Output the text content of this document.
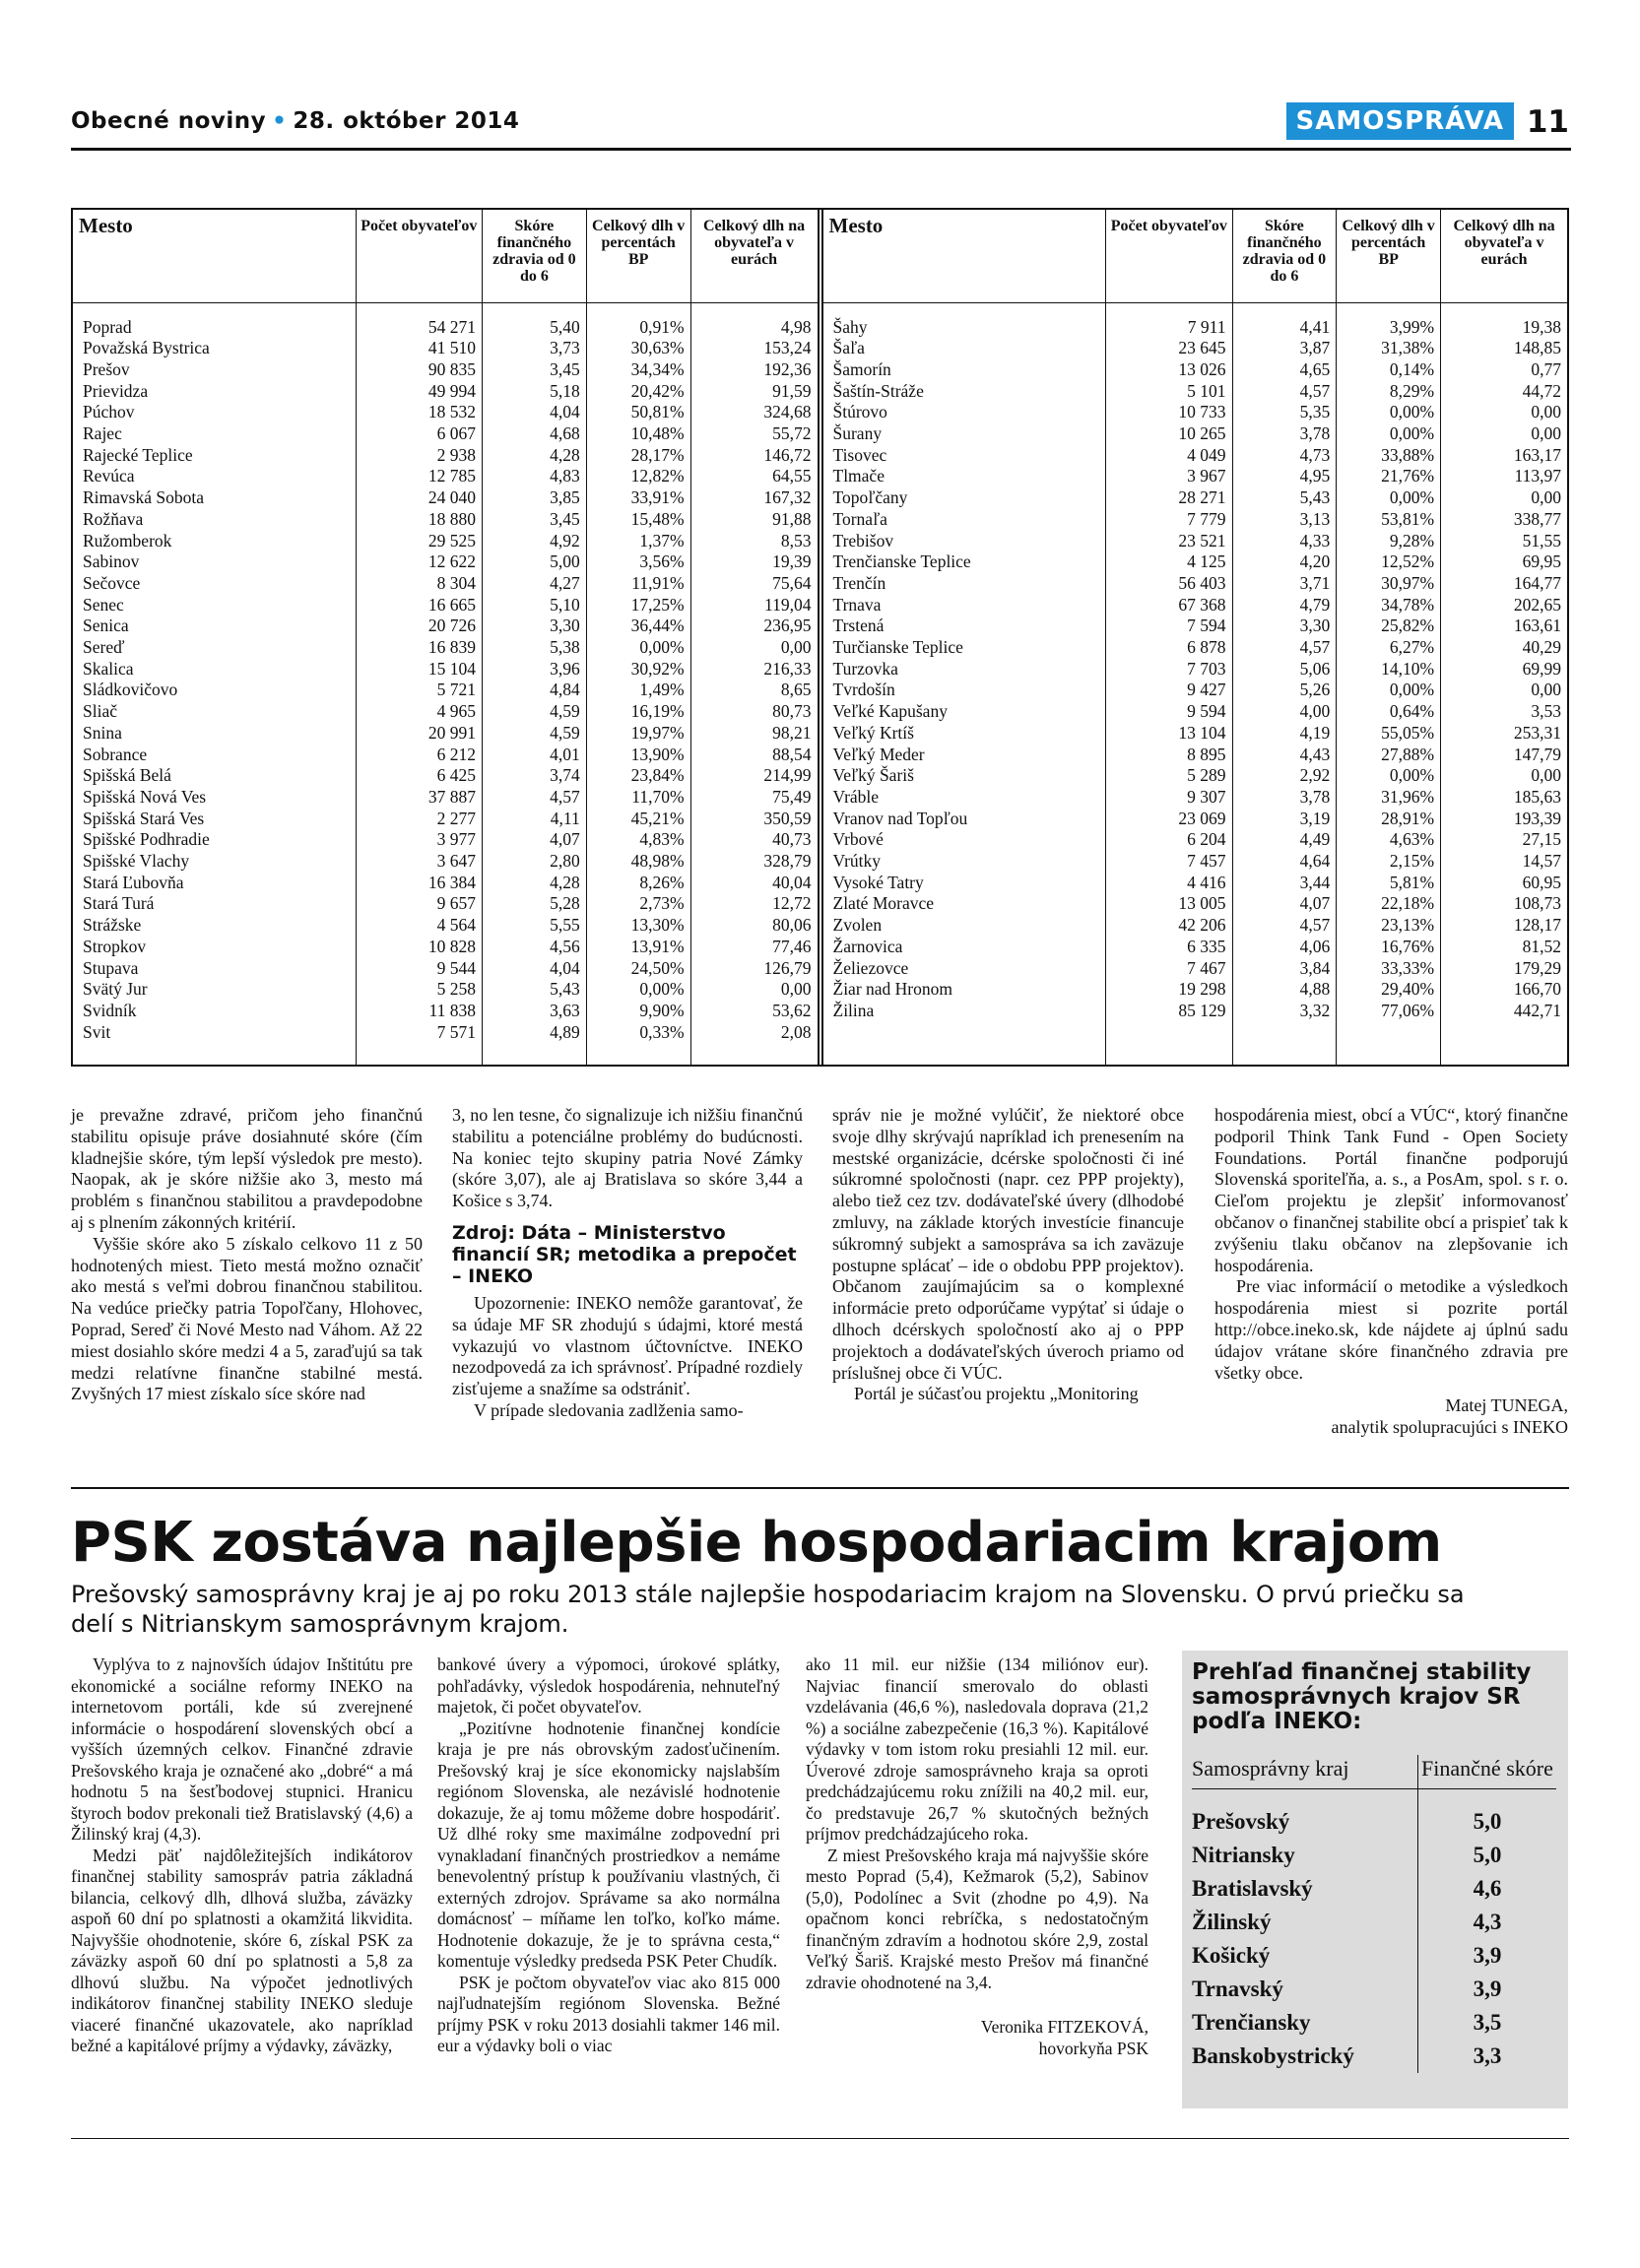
Obecné noviny • 28. október 2014	SAMOSPRÁVA 11
Mesto	Počet obyvateľov	Skóre finančného zdravia od 0 do 6	Celkový dlh v percentách BP	Celkový dlh na obyvateľa v eurách

Poprad	54 271	5,40	0,91%	4,98
Považská Bystrica	41 510	3,73	30,63%	153,24
Prešov	90 835	3,45	34,34%	192,36
Prievidza	49 994	5,18	20,42%	91,59
Púchov	18 532	4,04	50,81%	324,68
Rajec	6 067	4,68	10,48%	55,72
Rajecké Teplice	2 938	4,28	28,17%	146,72
Revúca	12 785	4,83	12,82%	64,55
Rimavská Sobota	24 040	3,85	33,91%	167,32
Rožňava	18 880	3,45	15,48%	91,88
Ružomberok	29 525	4,92	1,37%	8,53
Sabinov	12 622	5,00	3,56%	19,39
Sečovce	8 304	4,27	11,91%	75,64
Senec	16 665	5,10	17,25%	119,04
Senica	20 726	3,30	36,44%	236,95
Sereď	16 839	5,38	0,00%	0,00
Skalica	15 104	3,96	30,92%	216,33
Sládkovičovo	5 721	4,84	1,49%	8,65
Sliač	4 965	4,59	16,19%	80,73
Snina	20 991	4,59	19,97%	98,21
Sobrance	6 212	4,01	13,90%	88,54
Spišská Belá	6 425	3,74	23,84%	214,99
Spišská Nová Ves	37 887	4,57	11,70%	75,49
Spišská Stará Ves	2 277	4,11	45,21%	350,59
Spišské Podhradie	3 977	4,07	4,83%	40,73
Spišské Vlachy	3 647	2,80	48,98%	328,79
Stará Ľubovňa	16 384	4,28	8,26%	40,04
Stará Turá	9 657	5,28	2,73%	12,72
Strážske	4 564	5,55	13,30%	80,06
Stropkov	10 828	4,56	13,91%	77,46
Stupava	9 544	4,04	24,50%	126,79
Svätý Jur	5 258	5,43	0,00%	0,00
Svidník	11 838	3,63	9,90%	53,62
Svit	7 571	4,89	0,33%	2,08

Mesto	Počet obyvateľov	Skóre finančného zdravia od 0 do 6	Celkový dlh v percentách BP	Celkový dlh na obyvateľa v eurách

Šahy	7 911	4,41	3,99%	19,38
Šaľa	23 645	3,87	31,38%	148,85
Šamorín	13 026	4,65	0,14%	0,77
Šaštín-Stráže	5 101	4,57	8,29%	44,72
Štúrovo	10 733	5,35	0,00%	0,00
Šurany	10 265	3,78	0,00%	0,00
Tisovec	4 049	4,73	33,88%	163,17
Tlmače	3 967	4,95	21,76%	113,97
Topoľčany	28 271	5,43	0,00%	0,00
Tornaľa	7 779	3,13	53,81%	338,77
Trebišov	23 521	4,33	9,28%	51,55
Trenčianske Teplice	4 125	4,20	12,52%	69,95
Trenčín	56 403	3,71	30,97%	164,77
Trnava	67 368	4,79	34,78%	202,65
Trstená	7 594	3,30	25,82%	163,61
Turčianske Teplice	6 878	4,57	6,27%	40,29
Turzovka	7 703	5,06	14,10%	69,99
Tvrdošín	9 427	5,26	0,00%	0,00
Veľké Kapušany	9 594	4,00	0,64%	3,53
Veľký Krtíš	13 104	4,19	55,05%	253,31
Veľký Meder	8 895	4,43	27,88%	147,79
Veľký Šariš	5 289	2,92	0,00%	0,00
Vráble	9 307	3,78	31,96%	185,63
Vranov nad Topľou	23 069	3,19	28,91%	193,39
Vrbové	6 204	4,49	4,63%	27,15
Vrútky	7 457	4,64	2,15%	14,57
Vysoké Tatry	4 416	3,44	5,81%	60,95
Zlaté Moravce	13 005	4,07	22,18%	108,73
Zvolen	42 206	4,57	23,13%	128,17
Žarnovica	6 335	4,06	16,76%	81,52
Želiezovce	7 467	3,84	33,33%	179,29
Žiar nad Hronom	19 298	4,88	29,40%	166,70
Žilina	85 129	3,32	77,06%	442,71

je prevažne zdravé, pričom jeho finančnú stabilitu opisuje práve dosiahnuté skóre (čím kladnejšie skóre, tým lepší výsledok pre mesto). Naopak, ak je skóre nižšie ako 3, mesto má problém s finančnou stabilitou a pravdepodobne aj s plnením zákonných kritérií.

Vyššie skóre ako 5 získalo celkovo 11 z 50 hodnotených miest. Tieto mestá možno označiť ako mestá s veľmi dobrou finančnou stabilitou. Na vedúce priečky patria Topoľčany, Hlohovec, Poprad, Sereď či Nové Mesto nad Váhom. Až 22 miest dosiahlo skóre medzi 4 a 5, zaraďujú sa tak medzi relatívne finančne stabilné mestá. Zvyšných 17 miest získalo síce skóre nad

3, no len tesne, čo signalizuje ich nižšiu finančnú stabilitu a potenciálne problémy do budúcnosti. Na koniec tejto skupiny patria Nové Zámky (skóre 3,07), ale aj Bratislava so skóre 3,44 a Košice s 3,74.

Zdroj: Dáta – Ministerstvo financií SR; metodika a prepočet – INEKO

Upozornenie: INEKO nemôže garantovať, že sa údaje MF SR zhodujú s údajmi, ktoré mestá vykazujú vo vlastnom účtovníctve. INEKO nezodpovedá za ich správnosť. Prípadné rozdiely zisťujeme a snažíme sa odstrániť.

V prípade sledovania zadlženia samo-

správ nie je možné vylúčiť, že niektoré obce svoje dlhy skrývajú napríklad ich prenesením na mestské organizácie, dcérske spoločnosti či iné súkromné spoločnosti (napr. cez PPP projekty), alebo tiež cez tzv. dodávateľské úvery (dlhodobé zmluvy, na základe ktorých investície financuje súkromný subjekt a samospráva sa ich zaväzuje postupne splácať – ide o obdobu PPP projektov). Občanom zaujímajúcim sa o komplexné informácie preto odporúčame vypýtať si údaje o dlhoch dcérskych spoločností ako aj o PPP projektoch a dodávateľských úveroch priamo od príslušnej obce či VÚC.

Portál je súčasťou projektu „Monitoring

hospodárenia miest, obcí a VÚC“, ktorý finančne podporil Think Tank Fund - Open Society Foundations. Portál finančne podporujú Slovenská sporiteľňa, a. s., a PosAm, spol. s r. o. Cieľom projektu je zlepšiť informovanosť občanov o finančnej stabilite obcí a prispieť tak k zvýšeniu tlaku občanov na zlepšovanie ich hospodárenia.

Pre viac informácií o metodike a výsledkoch hospodárenia miest si pozrite portál http://obce.ineko.sk, kde nájdete aj úplnú sadu údajov vrátane skóre finančného zdravia pre všetky obce.

Matej TUNEGA,
analytik spolupracujúci s INEKO
PSK zostáva najlepšie hospodariacim krajom
Prešovský samosprávny kraj je aj po roku 2013 stále najlepšie hospodariacim krajom na Slovensku. O prvú priečku sa delí s Nitrianskym samosprávnym krajom.

Vyplýva to z najnovších údajov Inštitútu pre ekonomické a sociálne reformy INEKO na internetovom portáli, kde sú zverejnené informácie o hospodárení slovenských obcí a vyšších územných celkov. Finančné zdravie Prešovského kraja je označené ako „dobré“ a má hodnotu 5 na šesťbodovej stupnici. Hranicu štyroch bodov prekonali tiež Bratislavský (4,6) a Žilinský kraj (4,3).

Medzi päť najdôležitejších indikátorov finančnej stability samospráv patria základná bilancia, celkový dlh, dlhová služba, záväzky aspoň 60 dní po splatnosti a okamžitá likvidita. Najvyššie ohodnotenie, skóre 6, získal PSK za záväzky aspoň 60 dní po splatnosti a 5,8 za dlhovú službu. Na výpočet jednotlivých indikátorov finančnej stability INEKO sleduje viaceré finančné ukazovatele, ako napríklad bežné a kapitálové príjmy a výdavky, záväzky,

bankové úvery a výpomoci, úrokové splátky, pohľadávky, výsledok hospodárenia, nehnuteľný majetok, či počet obyvateľov.

„Pozitívne hodnotenie finančnej kondície kraja je pre nás obrovským zadosťučinením. Prešovský kraj je síce ekonomicky najslabším regiónom Slovenska, ale nezávislé hodnotenie dokazuje, že aj tomu môžeme dobre hospodáriť. Už dlhé roky sme maximálne zodpovední pri vynakladaní finančných prostriedkov a nemáme benevolentný prístup k používaniu vlastných, či externých zdrojov. Správame sa ako normálna domácnosť – míňame len toľko, koľko máme. Hodnotenie dokazuje, že je to správna cesta,“ komentuje výsledky predseda PSK Peter Chudík.

PSK je počtom obyvateľov viac ako 815 000 najľudnatejším regiónom Slovenska. Bežné príjmy PSK v roku 2013 dosiahli takmer 146 mil. eur a výdavky boli o viac

ako 11 mil. eur nižšie (134 miliónov eur). Najviac financií smerovalo do oblasti vzdelávania (46,6 %), nasledovala doprava (21,2 %) a sociálne zabezpečenie (16,3 %). Kapitálové výdavky v tom istom roku presiahli 12 mil. eur. Úverové zdroje samosprávneho kraja sa oproti predchádzajúcemu roku znížili na 40,2 mil. eur, čo predstavuje 26,7 % skutočných bežných príjmov predchádzajúceho roka.

Z miest Prešovského kraja má najvyššie skóre mesto Poprad (5,4), Kežmarok (5,2), Sabinov (5,0), Podolínec a Svit (zhodne po 4,9). Na opačnom konci rebríčka, s nedostatočným finančným zdravím a hodnotou skóre 2,9, zostal Veľký Šariš. Krajské mesto Prešov má finančné zdravie ohodnotené na 3,4.

Veronika FITZEKOVÁ,
hovorkyňa PSK
Prehľad finančnej stability samosprávnych krajov SR podľa INEKO:
Samosprávny kraj	Finančné skóre

Prešovský	5,0
Nitriansky	5,0
Bratislavský	4,6
Žilinský	4,3
Košický	3,9
Trnavský	3,9
Trenčiansky	3,5
Banskobystrický	3,3
